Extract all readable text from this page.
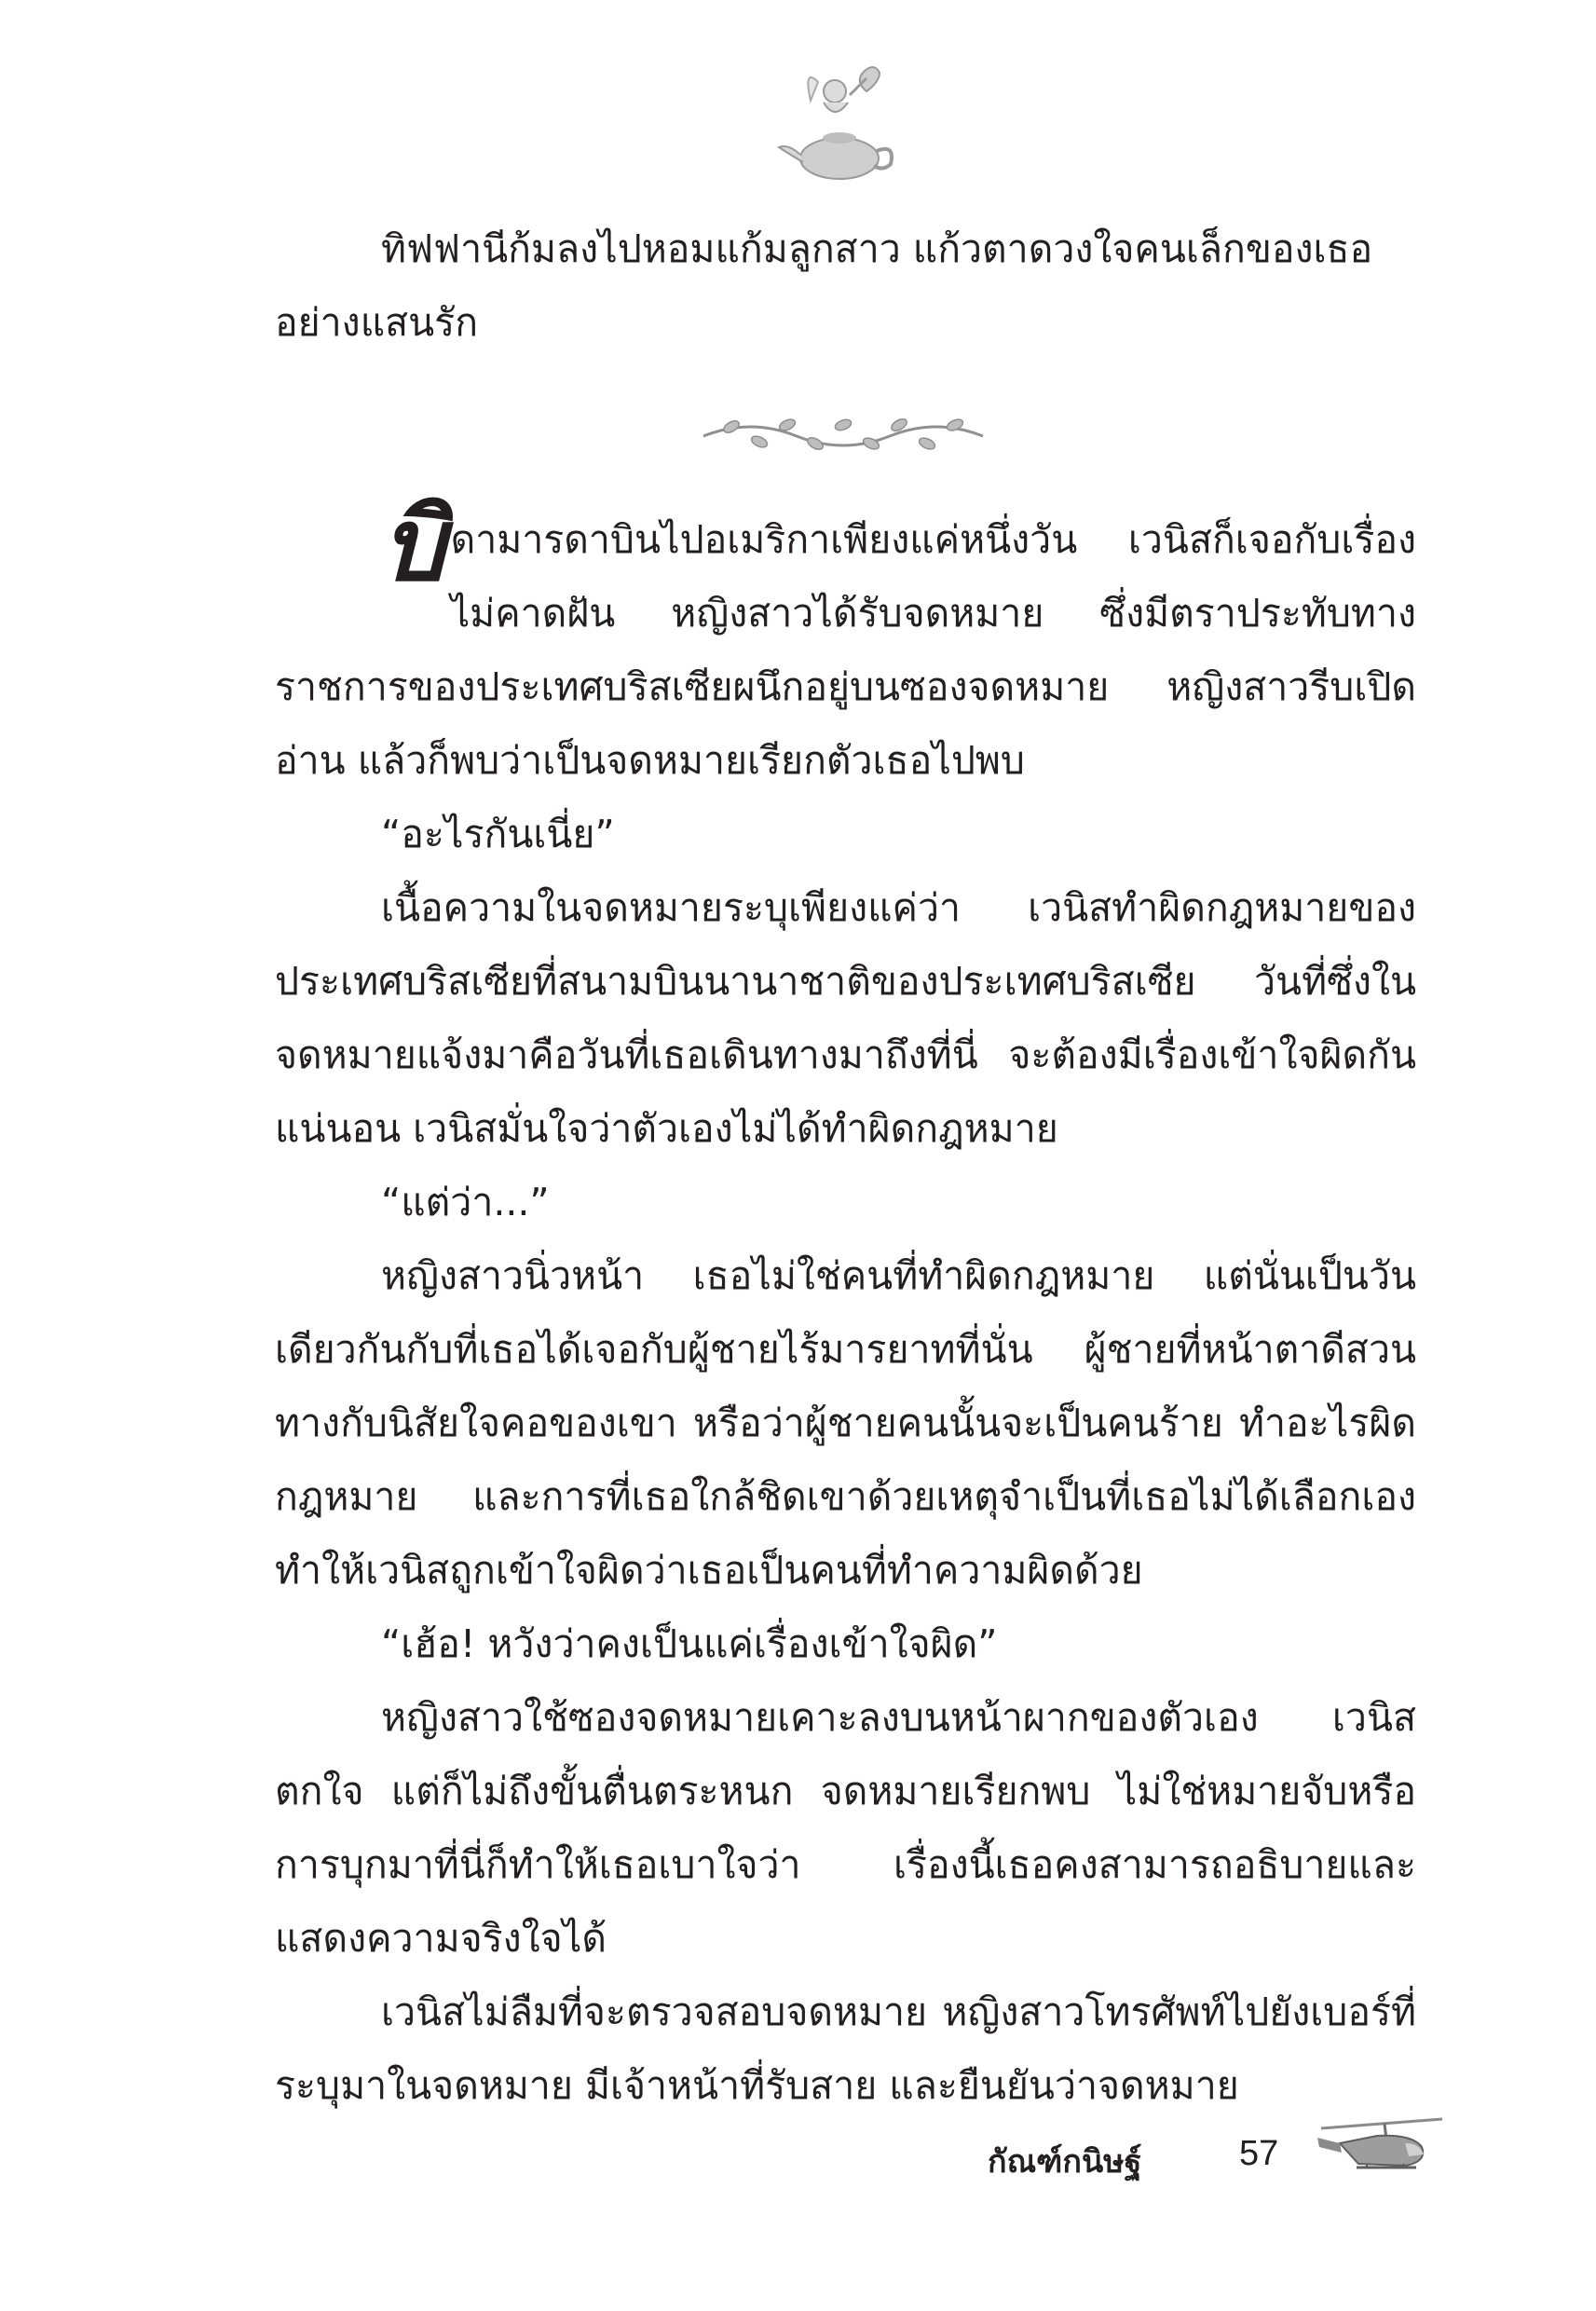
ทิฟฟานีก้มลงไปหอมแก้มลูกสาว แก้วตาดวงใจคนเล็กของเธอ

อย่างแสนรัก

บิดามารดาบินไปอเมริกาเพียงแค่หนึ่งวัน เวนิสก็เจอกับเรื่องไม่คาดฝัน หญิงสาวได้รับจดหมาย ซึ่งมีตราประทับทางราชการของประเทศบริสเซียผนึกอยู่บนซองจดหมาย หญิงสาวรีบเปิดอ่าน แล้วก็พบว่าเป็นจดหมายเรียกตัวเธอไปพบ

“อะไรกันเนี่ย”

เนื้อความในจดหมายระบุเพียงแค่ว่า เวนิสทำผิดกฎหมายของประเทศบริสเซียที่สนามบินนานาชาติของประเทศบริสเซีย วันที่ซึ่งในจดหมายแจ้งมาคือวันที่เธอเดินทางมาถึงที่นี่ จะต้องมีเรื่องเข้าใจผิดกันแน่นอน เวนิสมั่นใจว่าตัวเองไม่ได้ทำผิดกฎหมาย

“แต่ว่า...”

หญิงสาวนิ่วหน้า เธอไม่ใช่คนที่ทำผิดกฎหมาย แต่นั่นเป็นวันเดียวกันกับที่เธอได้เจอกับผู้ชายไร้มารยาทที่นั่น ผู้ชายที่หน้าตาดีสวนทางกับนิสัยใจคอของเขา หรือว่าผู้ชายคนนั้นจะเป็นคนร้าย ทำอะไรผิดกฎหมาย และการที่เธอใกล้ชิดเขาด้วยเหตุจำเป็นที่เธอไม่ได้เลือกเองทำให้เวนิสถูกเข้าใจผิดว่าเธอเป็นคนที่ทำความผิดด้วย

“เฮ้อ! หวังว่าคงเป็นแค่เรื่องเข้าใจผิด”

หญิงสาวใช้ซองจดหมายเคาะลงบนหน้าผากของตัวเอง เวนิสตกใจ แต่ก็ไม่ถึงขั้นตื่นตระหนก จดหมายเรียกพบ ไม่ใช่หมายจับหรือการบุกมาที่นี่ก็ทำให้เธอเบาใจว่า เรื่องนี้เธอคงสามารถอธิบายและแสดงความจริงใจได้

เวนิสไม่ลืมที่จะตรวจสอบจดหมาย หญิงสาวโทรศัพท์ไปยังเบอร์ที่ระบุมาในจดหมาย มีเจ้าหน้าที่รับสาย และยืนยันว่าจดหมาย

กัณฑ์กนิษฐ์	57
